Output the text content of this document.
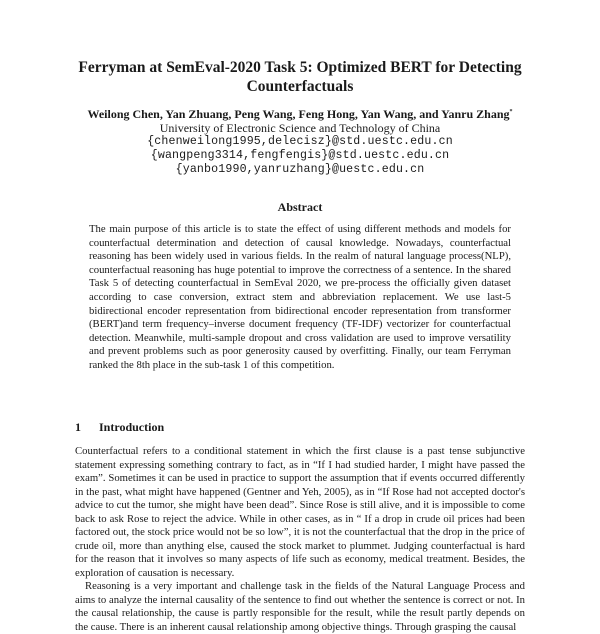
Ferryman at SemEval-2020 Task 5: Optimized BERT for Detecting
Counterfactuals
Weilong Chen, Yan Zhuang, Peng Wang, Feng Hong, Yan Wang, and Yanru Zhang*
University of Electronic Science and Technology of China
{chenweilong1995,delecisz}@std.uestc.edu.cn
{wangpeng3314,fengfengis}@std.uestc.edu.cn
{yanbo1990,yanruzhang}@uestc.edu.cn
Abstract
The main purpose of this article is to state the effect of using different methods and models for counterfactual determination and detection of causal knowledge. Nowadays, counterfactual reasoning has been widely used in various fields. In the realm of natural language process(NLP), counterfactual reasoning has huge potential to improve the correctness of a sentence. In the shared Task 5 of detecting counterfactual in SemEval 2020, we pre-process the officially given dataset according to case conversion, extract stem and abbreviation replacement. We use last-5 bidirectional encoder representation from bidirectional encoder representation from transformer (BERT)and term frequency–inverse document frequency (TF-IDF) vectorizer for counterfactual detection. Meanwhile, multi-sample dropout and cross validation are used to improve versatility and prevent problems such as poor generosity caused by overfitting. Finally, our team Ferryman ranked the 8th place in the sub-task 1 of this competition.
1 Introduction

Counterfactual refers to a conditional statement in which the first clause is a past tense subjunctive statement expressing something contrary to fact, as in “If I had studied harder, I might have passed the exam”. Sometimes it can be used in practice to support the assumption that if events occurred differently in the past, what might have happened (Gentner and Yeh, 2005), as in “If Rose had not accepted doctor's advice to cut the tumor, she might have been dead”. Since Rose is still alive, and it is impossible to come back to ask Rose to reject the advice. While in other cases, as in “ If a drop in crude oil prices had been factored out, the stock price would not be so low”, it is not the counterfactual that the drop in the price of crude oil, more than anything else, caused the stock market to plummet. Judging counterfactual is hard for the reason that it involves so many aspects of life such as economy, medical treatment. Besides, the exploration of causation is necessary.

Reasoning is a very important and challenge task in the fields of the Natural Language Process and aims to analyze the internal causality of the sentence to find out whether the sentence is correct or not. In the causal relationship, the cause is partly responsible for the result, while the result partly depends on the cause. There is an inherent causal relationship among objective things. Through grasping the causal
